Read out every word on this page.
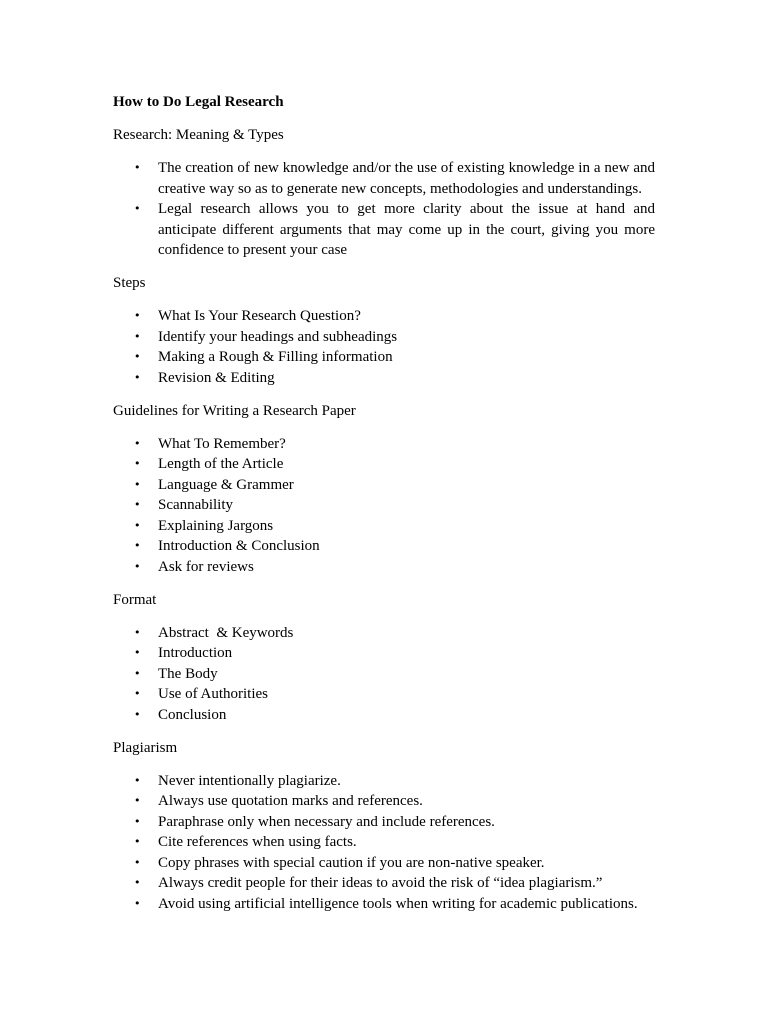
How to Do Legal Research

Research: Meaning & Types

• The creation of new knowledge and/or the use of existing knowledge in a new and creative way so as to generate new concepts, methodologies and understandings.
• Legal research allows you to get more clarity about the issue at hand and anticipate different arguments that may come up in the court, giving you more confidence to present your case

Steps

• What Is Your Research Question?
• Identify your headings and subheadings
• Making a Rough & Filling information
• Revision & Editing

Guidelines for Writing a Research Paper

• What To Remember?
• Length of the Article
• Language & Grammer
• Scannability
• Explaining Jargons
• Introduction & Conclusion
• Ask for reviews

Format

• Abstract  & Keywords
• Introduction
• The Body
• Use of Authorities
• Conclusion

Plagiarism

• Never intentionally plagiarize.
• Always use quotation marks and references.
• Paraphrase only when necessary and include references.
• Cite references when using facts.
• Copy phrases with special caution if you are non-native speaker.
• Always credit people for their ideas to avoid the risk of “idea plagiarism.”
• Avoid using artificial intelligence tools when writing for academic publications.
